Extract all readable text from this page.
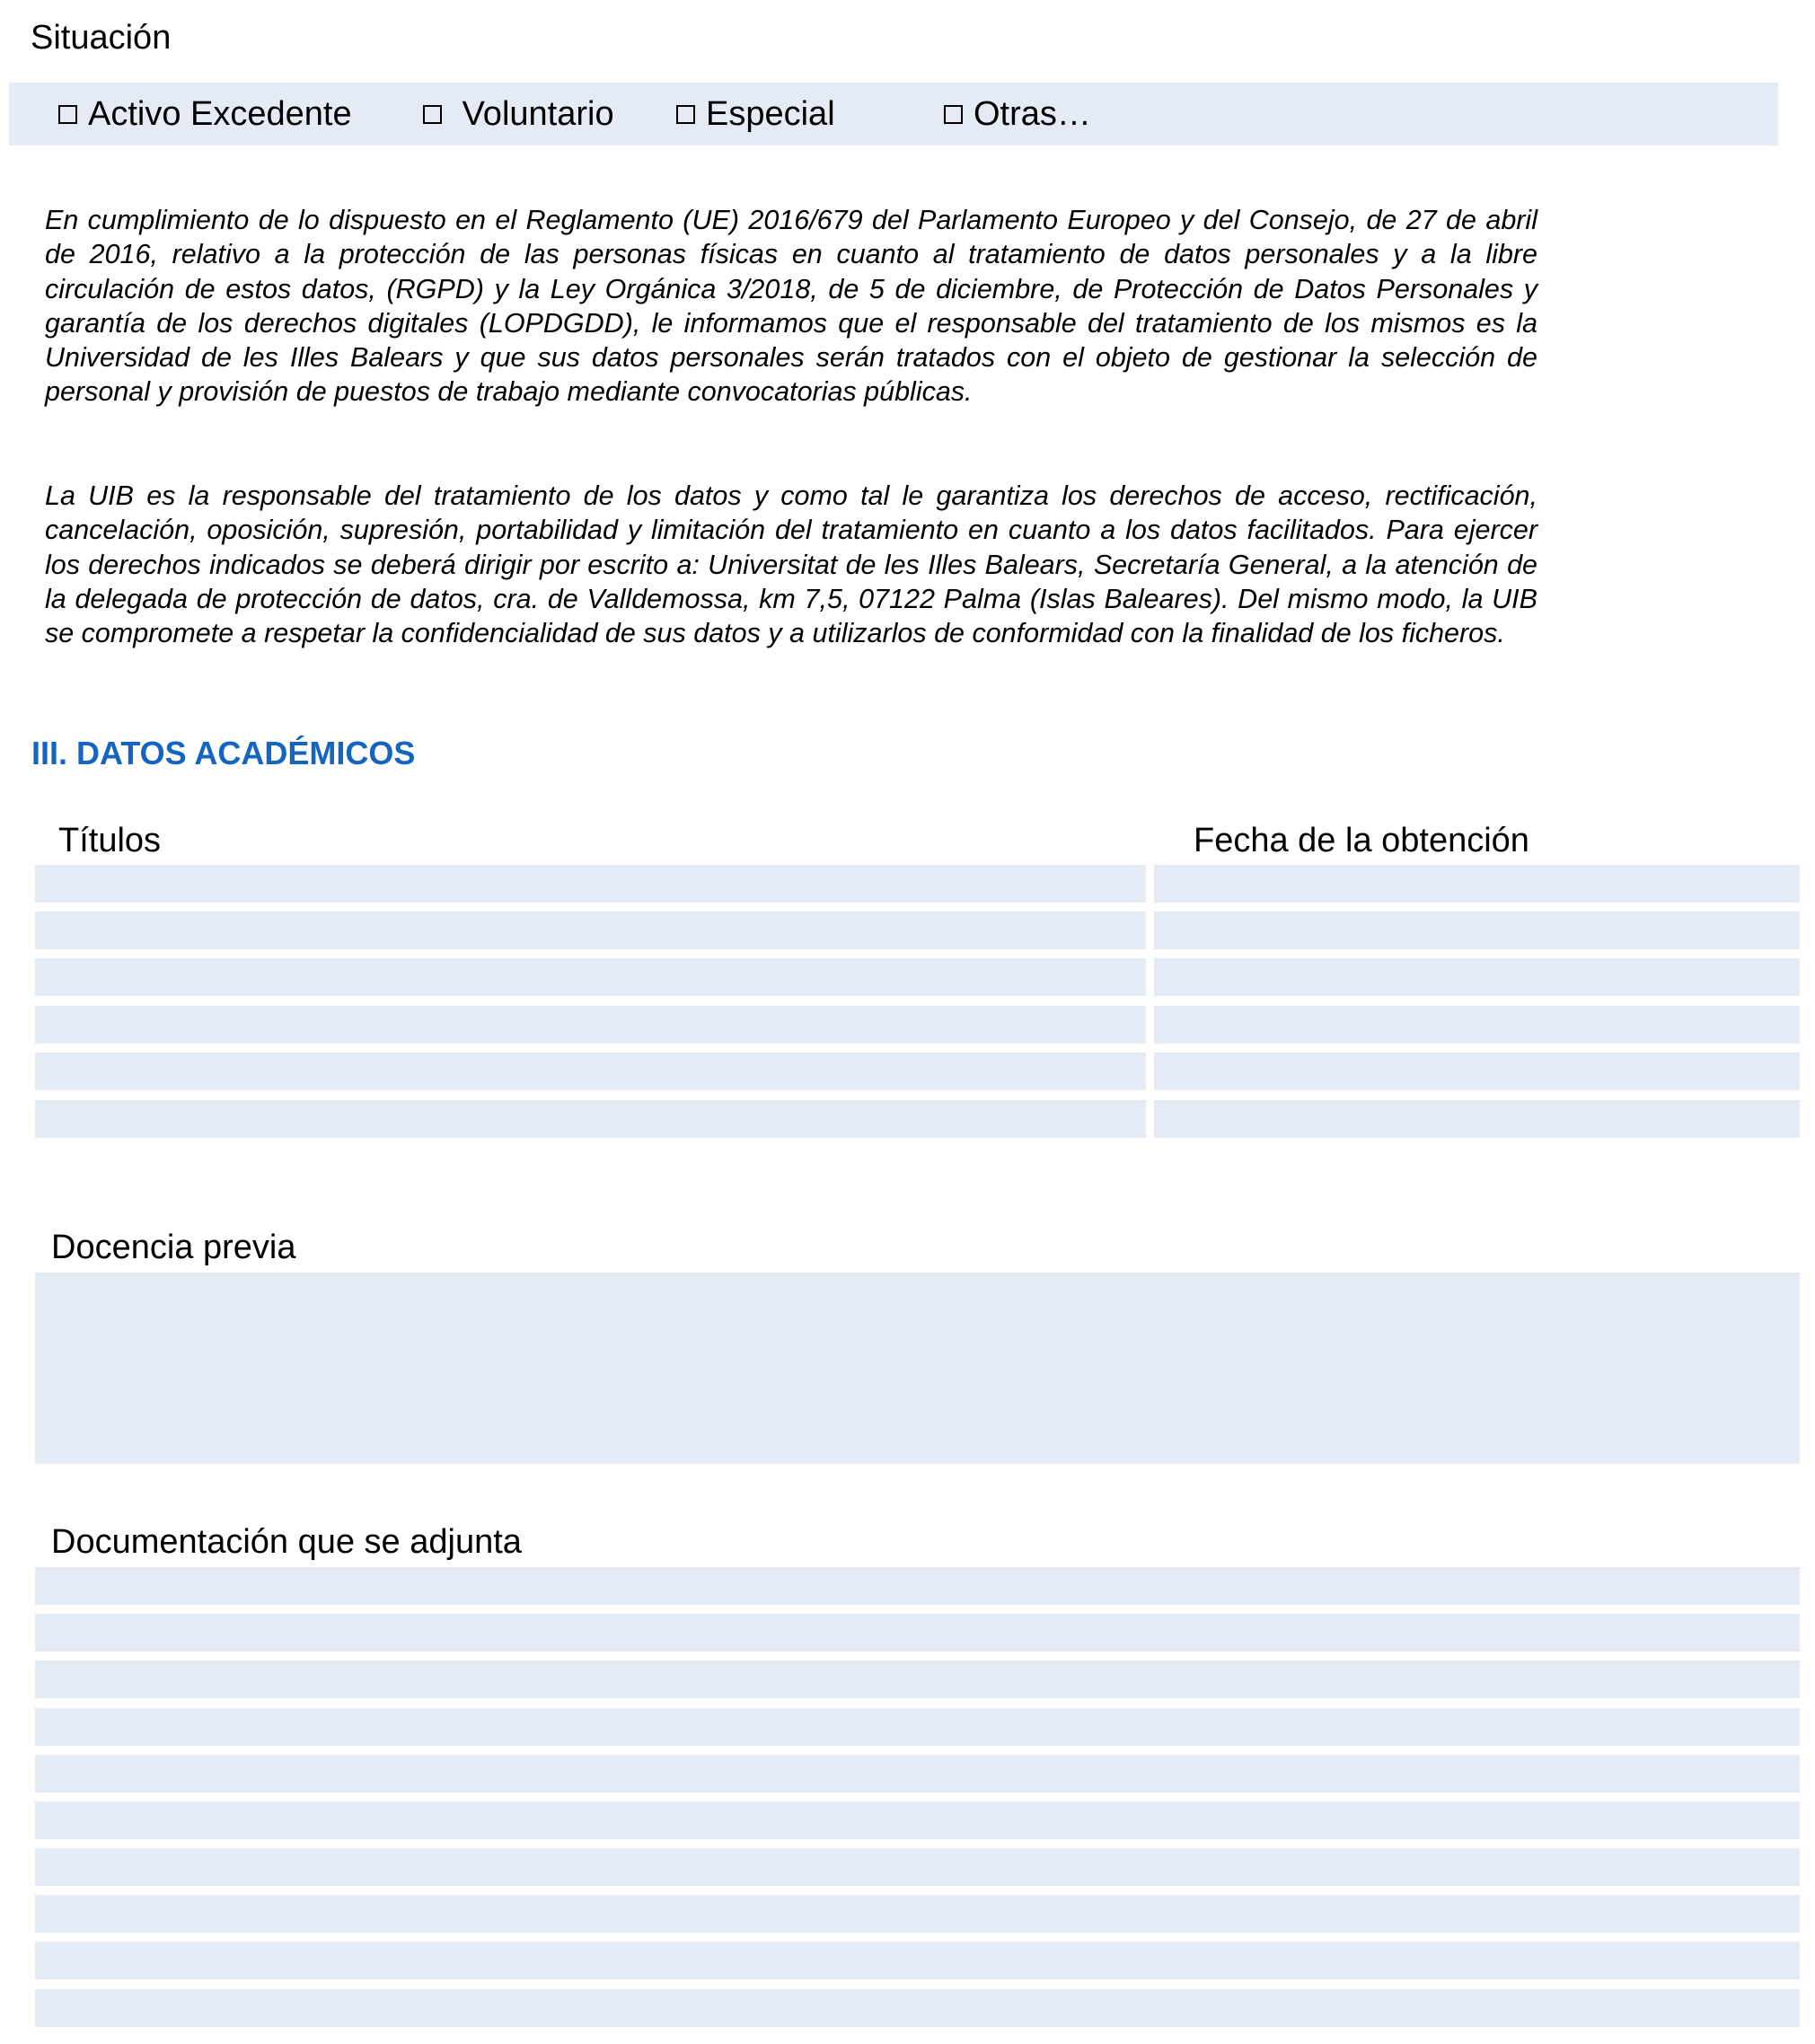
Situación
Activo Excedente	Voluntario	Especial	Otras…
En cumplimiento de lo dispuesto en el Reglamento (UE) 2016/679 del Parlamento Europeo y del Consejo, de 27 de abril de 2016, relativo a la protección de las personas físicas en cuanto al tratamiento de datos personales y a la libre circulación de estos datos, (RGPD) y la Ley Orgánica 3/2018, de 5 de diciembre, de Protección de Datos Personales y garantía de los derechos digitales (LOPDGDD), le informamos que el responsable del tratamiento de los mismos es la Universidad de les Illes Balears y que sus datos personales serán tratados con el objeto de gestionar la selección de personal y provisión de puestos de trabajo mediante convocatorias públicas.
La UIB es la responsable del tratamiento de los datos y como tal le garantiza los derechos de acceso, rectificación, cancelación, oposición, supresión, portabilidad y limitación del tratamiento en cuanto a los datos facilitados. Para ejercer los derechos indicados se deberá dirigir por escrito a: Universitat de les Illes Balears, Secretaría General, a la atención de la delegada de protección de datos, cra. de Valldemossa, km 7,5, 07122 Palma (Islas Baleares). Del mismo modo, la UIB se compromete a respetar la confidencialidad de sus datos y a utilizarlos de conformidad con la finalidad de los ficheros.
III. DATOS ACADÉMICOS
Títulos	Fecha de la obtención
Docencia previa
Documentación que se adjunta
